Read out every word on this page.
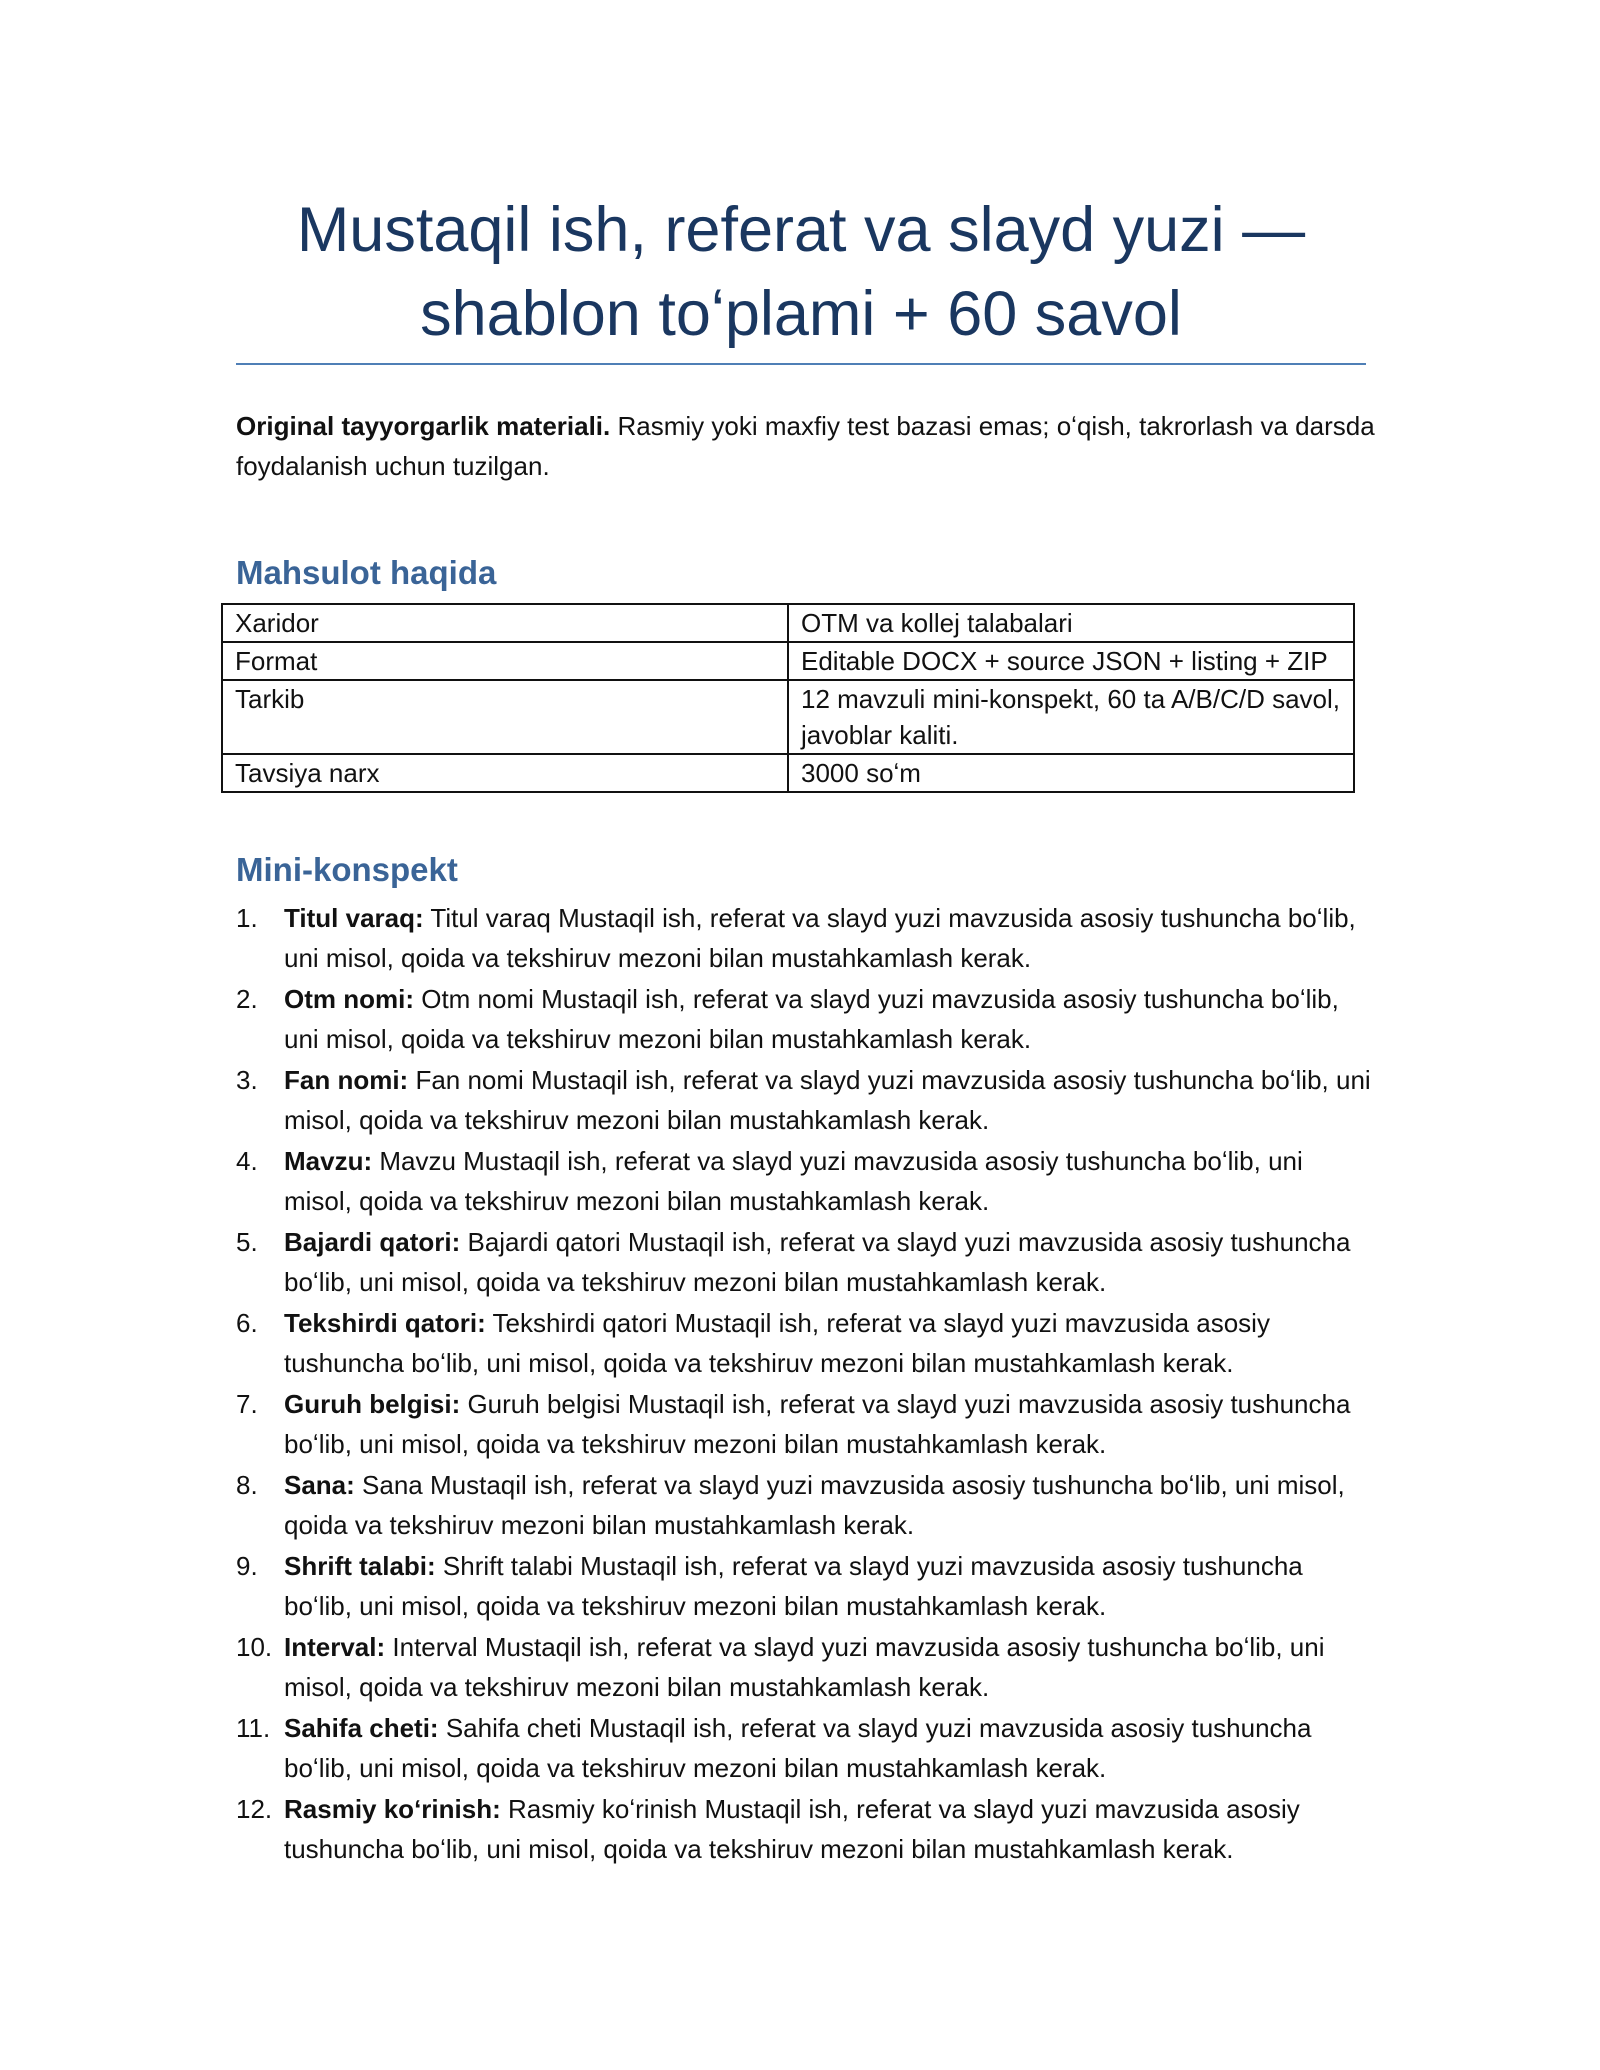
Mustaqil ish, referat va slayd yuzi —
shablon toʻplami + 60 savol

Original tayyorgarlik materiali. Rasmiy yoki maxfiy test bazasi emas; oʻqish, takrorlash va darsda foydalanish uchun tuzilgan.

Mahsulot haqida
Xaridor	OTM va kollej talabalari
Format	Editable DOCX + source JSON + listing + ZIP
Tarkib	12 mavzuli mini-konspekt, 60 ta A/B/C/D savol, javoblar kaliti.
Tavsiya narx	3000 soʻm
Mini-konspekt
1. Titul varaq: Titul varaq Mustaqil ish, referat va slayd yuzi mavzusida asosiy tushuncha boʻlib, uni misol, qoida va tekshiruv mezoni bilan mustahkamlash kerak.
2. Otm nomi: Otm nomi Mustaqil ish, referat va slayd yuzi mavzusida asosiy tushuncha boʻlib, uni misol, qoida va tekshiruv mezoni bilan mustahkamlash kerak.
3. Fan nomi: Fan nomi Mustaqil ish, referat va slayd yuzi mavzusida asosiy tushuncha boʻlib, uni misol, qoida va tekshiruv mezoni bilan mustahkamlash kerak.
4. Mavzu: Mavzu Mustaqil ish, referat va slayd yuzi mavzusida asosiy tushuncha boʻlib, uni misol, qoida va tekshiruv mezoni bilan mustahkamlash kerak.
5. Bajardi qatori: Bajardi qatori Mustaqil ish, referat va slayd yuzi mavzusida asosiy tushuncha boʻlib, uni misol, qoida va tekshiruv mezoni bilan mustahkamlash kerak.
6. Tekshirdi qatori: Tekshirdi qatori Mustaqil ish, referat va slayd yuzi mavzusida asosiy tushuncha boʻlib, uni misol, qoida va tekshiruv mezoni bilan mustahkamlash kerak.
7. Guruh belgisi: Guruh belgisi Mustaqil ish, referat va slayd yuzi mavzusida asosiy tushuncha boʻlib, uni misol, qoida va tekshiruv mezoni bilan mustahkamlash kerak.
8. Sana: Sana Mustaqil ish, referat va slayd yuzi mavzusida asosiy tushuncha boʻlib, uni misol, qoida va tekshiruv mezoni bilan mustahkamlash kerak.
9. Shrift talabi: Shrift talabi Mustaqil ish, referat va slayd yuzi mavzusida asosiy tushuncha boʻlib, uni misol, qoida va tekshiruv mezoni bilan mustahkamlash kerak.
10. Interval: Interval Mustaqil ish, referat va slayd yuzi mavzusida asosiy tushuncha boʻlib, uni misol, qoida va tekshiruv mezoni bilan mustahkamlash kerak.
11. Sahifa cheti: Sahifa cheti Mustaqil ish, referat va slayd yuzi mavzusida asosiy tushuncha boʻlib, uni misol, qoida va tekshiruv mezoni bilan mustahkamlash kerak.
12. Rasmiy koʻrinish: Rasmiy koʻrinish Mustaqil ish, referat va slayd yuzi mavzusida asosiy tushuncha boʻlib, uni misol, qoida va tekshiruv mezoni bilan mustahkamlash kerak.
